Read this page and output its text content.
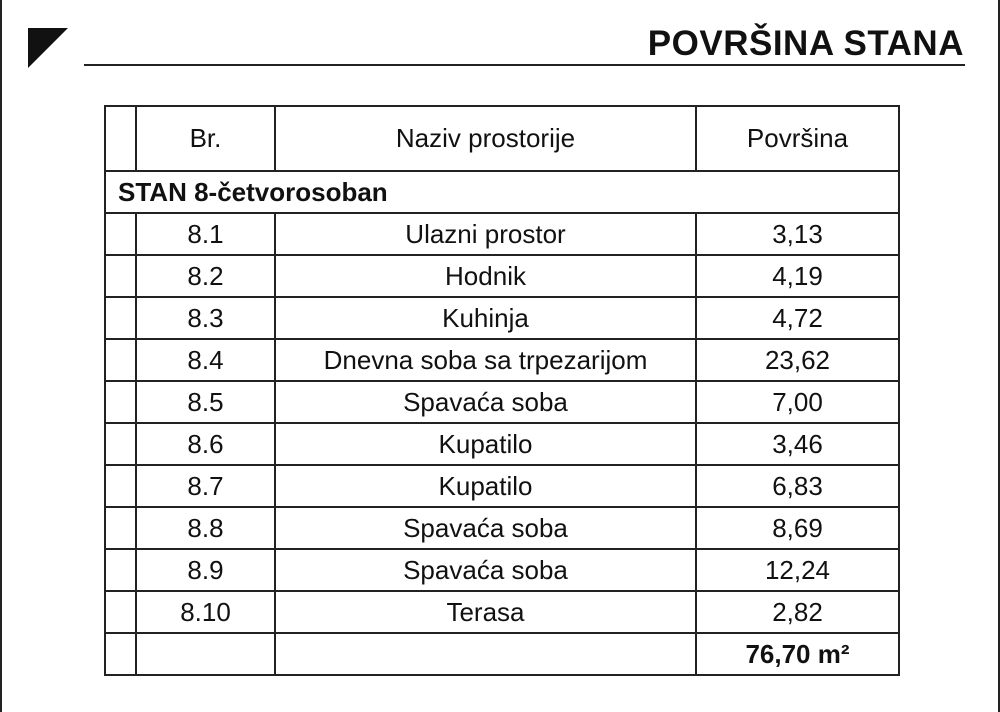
POVRŠINA STANA
	Br.	Naziv prostorije	Površina
STAN 8-četvorosoban			
	8.1	Ulazni prostor	3,13
	8.2	Hodnik	4,19
	8.3	Kuhinja	4,72
	8.4	Dnevna soba sa trpezarijom	23,62
	8.5	Spavaća soba	7,00
	8.6	Kupatilo	3,46
	8.7	Kupatilo	6,83
	8.8	Spavaća soba	8,69
	8.9	Spavaća soba	12,24
	8.10	Terasa	2,82
			76,70 m²
